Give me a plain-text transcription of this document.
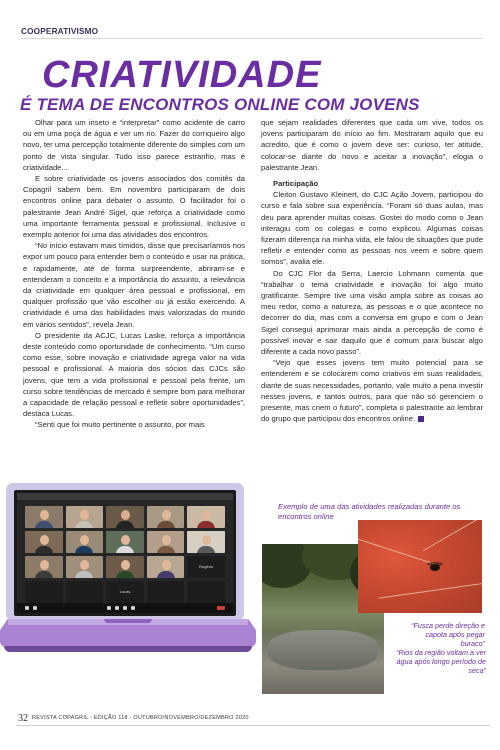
COOPERATIVISMO
CRIATIVIDADE
É TEMA DE ENCONTROS ONLINE COM JOVENS

Olhar para um inseto e “interpretar” como acidente de carro ou em uma poça de água e ver um rio. Fazer do corriqueiro algo novo, ter uma percepção totalmente diferente do simples com um ponto de vista singular. Tudo isso parece estranho, mas é criatividade...

E sobre criatividade os jovens associados dos comitês da Copagril sabem bem. Em novembro participaram de dois encontros online para debater o assunto. O facilitador foi o palestrante Jean André Sigel, que reforça a criatividade como uma importante ferramenta pessoal e profissional. Inclusive o exemplo anterior foi uma das atividades dos encontros.

“No início estavam mais tímidos, disse que precisaríamos nos expor um pouco para entender bem o conteúdo e usar na prática, e rapidamente, até de forma surpreendente, abriram-se e entenderam o conceito e a importância do assunto, a relevância da criatividade em qualquer área pessoal e profissional, em qualquer profissão que vão escolher ou já estão exercendo. A criatividade é uma das habilidades mais valorizadas do mundo em vários sentidos”, revela Jean.

O presidente da ACJC, Lucas Laske, reforça a importância deste conteúdo como oportunidade de conhecimento. “Um curso como esse, sobre inovação e criatividade agrega valor na vida pessoal e profissional. A maioria dos sócios das CJCs são jovens, que tem a vida profissional e pessoal pela frente, um curso sobre tendências de mercado é sempre bom para melhorar a capacidade de relação pessoal e refletir sobre oportunidades”, destaca Lucas.

“Senti que foi muito pertinente o assunto, por mais

que sejam realidades diferentes que cada um vive, todos os jovens participaram do início ao fim. Mostraram aquilo que eu acredito, que é como o jovem deve ser: curioso, ter atitude, colocar-se diante do novo e aceitar a inovação”, elogia o palestrante Jean.

Participação

Cleiton Gustavo Kleinert, do CJC Ação Jovem, participou do curso e fala sobre sua experiência. “Foram só duas aulas, mas deu para aprender muitas coisas. Gostei do modo como o Jean interagiu com os colegas e como explicou. Algumas coisas fizeram diferença na minha vida, ele falou de situações que pude refletir e entender como as pessoas nos veem e sobre quem somos”, avalia ele.

Do CJC Flor da Serra, Laercio Lohmann comenta que “trabalhar o tema criatividade e inovação foi algo muito gratificante. Sempre tive uma visão ampla sobre as coisas ao meu redor, como a natureza, as pessoas e o que acontece no decorrer do dia, mas com a conversa em grupo e com o Jean Sigel consegui aprimorar mais ainda a percepção de como é possível inovar e sair daquilo que é comum para buscar algo diferente a cada novo passo”.

“Vejo que esses jovens tem muito potencial para se entenderem e se colocarem como criativos em suas realidades, diante de suas necessidades, portanto, vale muito a pena investir nesses jovens, e tantos outros, para que não só gerenciem o presente, mas criem o futuro”, completa o palestrante ao lembrar do grupo que participou dos encontros online.

Rogério
Lucas
Exemplo de uma das atividades realizadas durante os encontros online
“Fusca perde direção e capota após pegar buraco”
“Rios da região voltam a ver água após longo período de seca”
32 REVISTA COPAGRIL - EDIÇÃO 118 - OUTUBRO/NOVEMBRO/DEZEMBRO 2020
